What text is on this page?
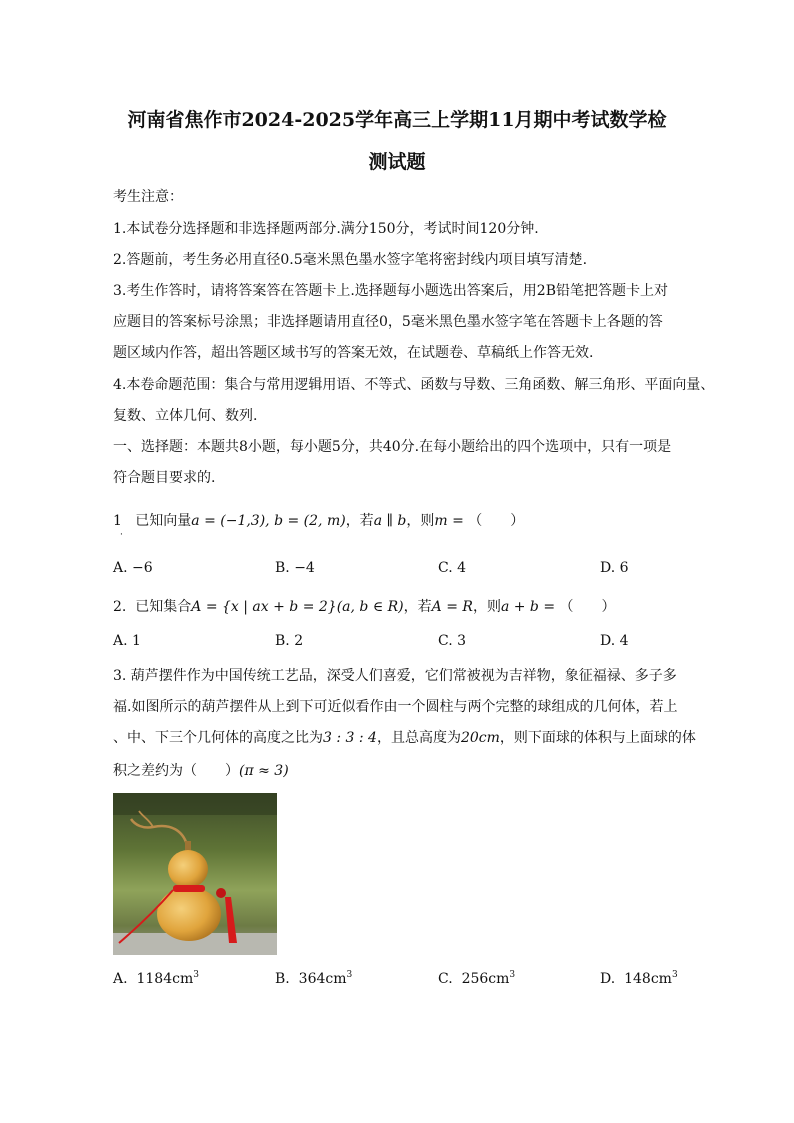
河南省焦作市2024-2025学年高三上学期11月期中考试数学检
测试题
考生注意：
1.本试卷分选择题和非选择题两部分.满分150分，考试时间120分钟.
2.答题前，考生务必用直径0.5毫米黑色墨水签字笔将密封线内项目填写清楚.
3.考生作答时，请将答案答在答题卡上.选择题每小题选出答案后，用2B铅笔把答题卡上对
应题目的答案标号涂黑；非选择题请用直径0，5毫米黑色墨水签字笔在答题卡上各题的答
题区域内作答，超出答题区域书写的答案无效，在试题卷、草稿纸上作答无效.
4.本卷命题范围：集合与常用逻辑用语、不等式、函数与导数、三角函数、解三角形、平面向量、
复数、立体几何、数列.
一、选择题：本题共8小题，每小题5分，共40分.在每小题给出的四个选项中，只有一项是
符合题目要求的.
1 已知向量a = (−1,3), b = (2, m)，若a ∥ b，则m = （　　）
·
A. −6	B. −4	C. 4	D. 6
2. 已知集合A = {x | ax + b = 2}(a, b ∈ R)，若A = R，则a + b = （　　）
A. 1	B. 2	C. 3	D. 4
3. 葫芦摆件作为中国传统工艺品，深受人们喜爱，它们常被视为吉祥物，象征福禄、多子多
福.如图所示的葫芦摆件从上到下可近似看作由一个圆柱与两个完整的球组成的几何体，若上
、中、下三个几何体的高度之比为3 : 3 : 4，且总高度为20cm，则下面球的体积与上面球的体
积之差约为（　　）(π ≈ 3)
A. $1184cm^3$	B. $364cm^3$	C. $256cm^3$	D. $148cm^3$
